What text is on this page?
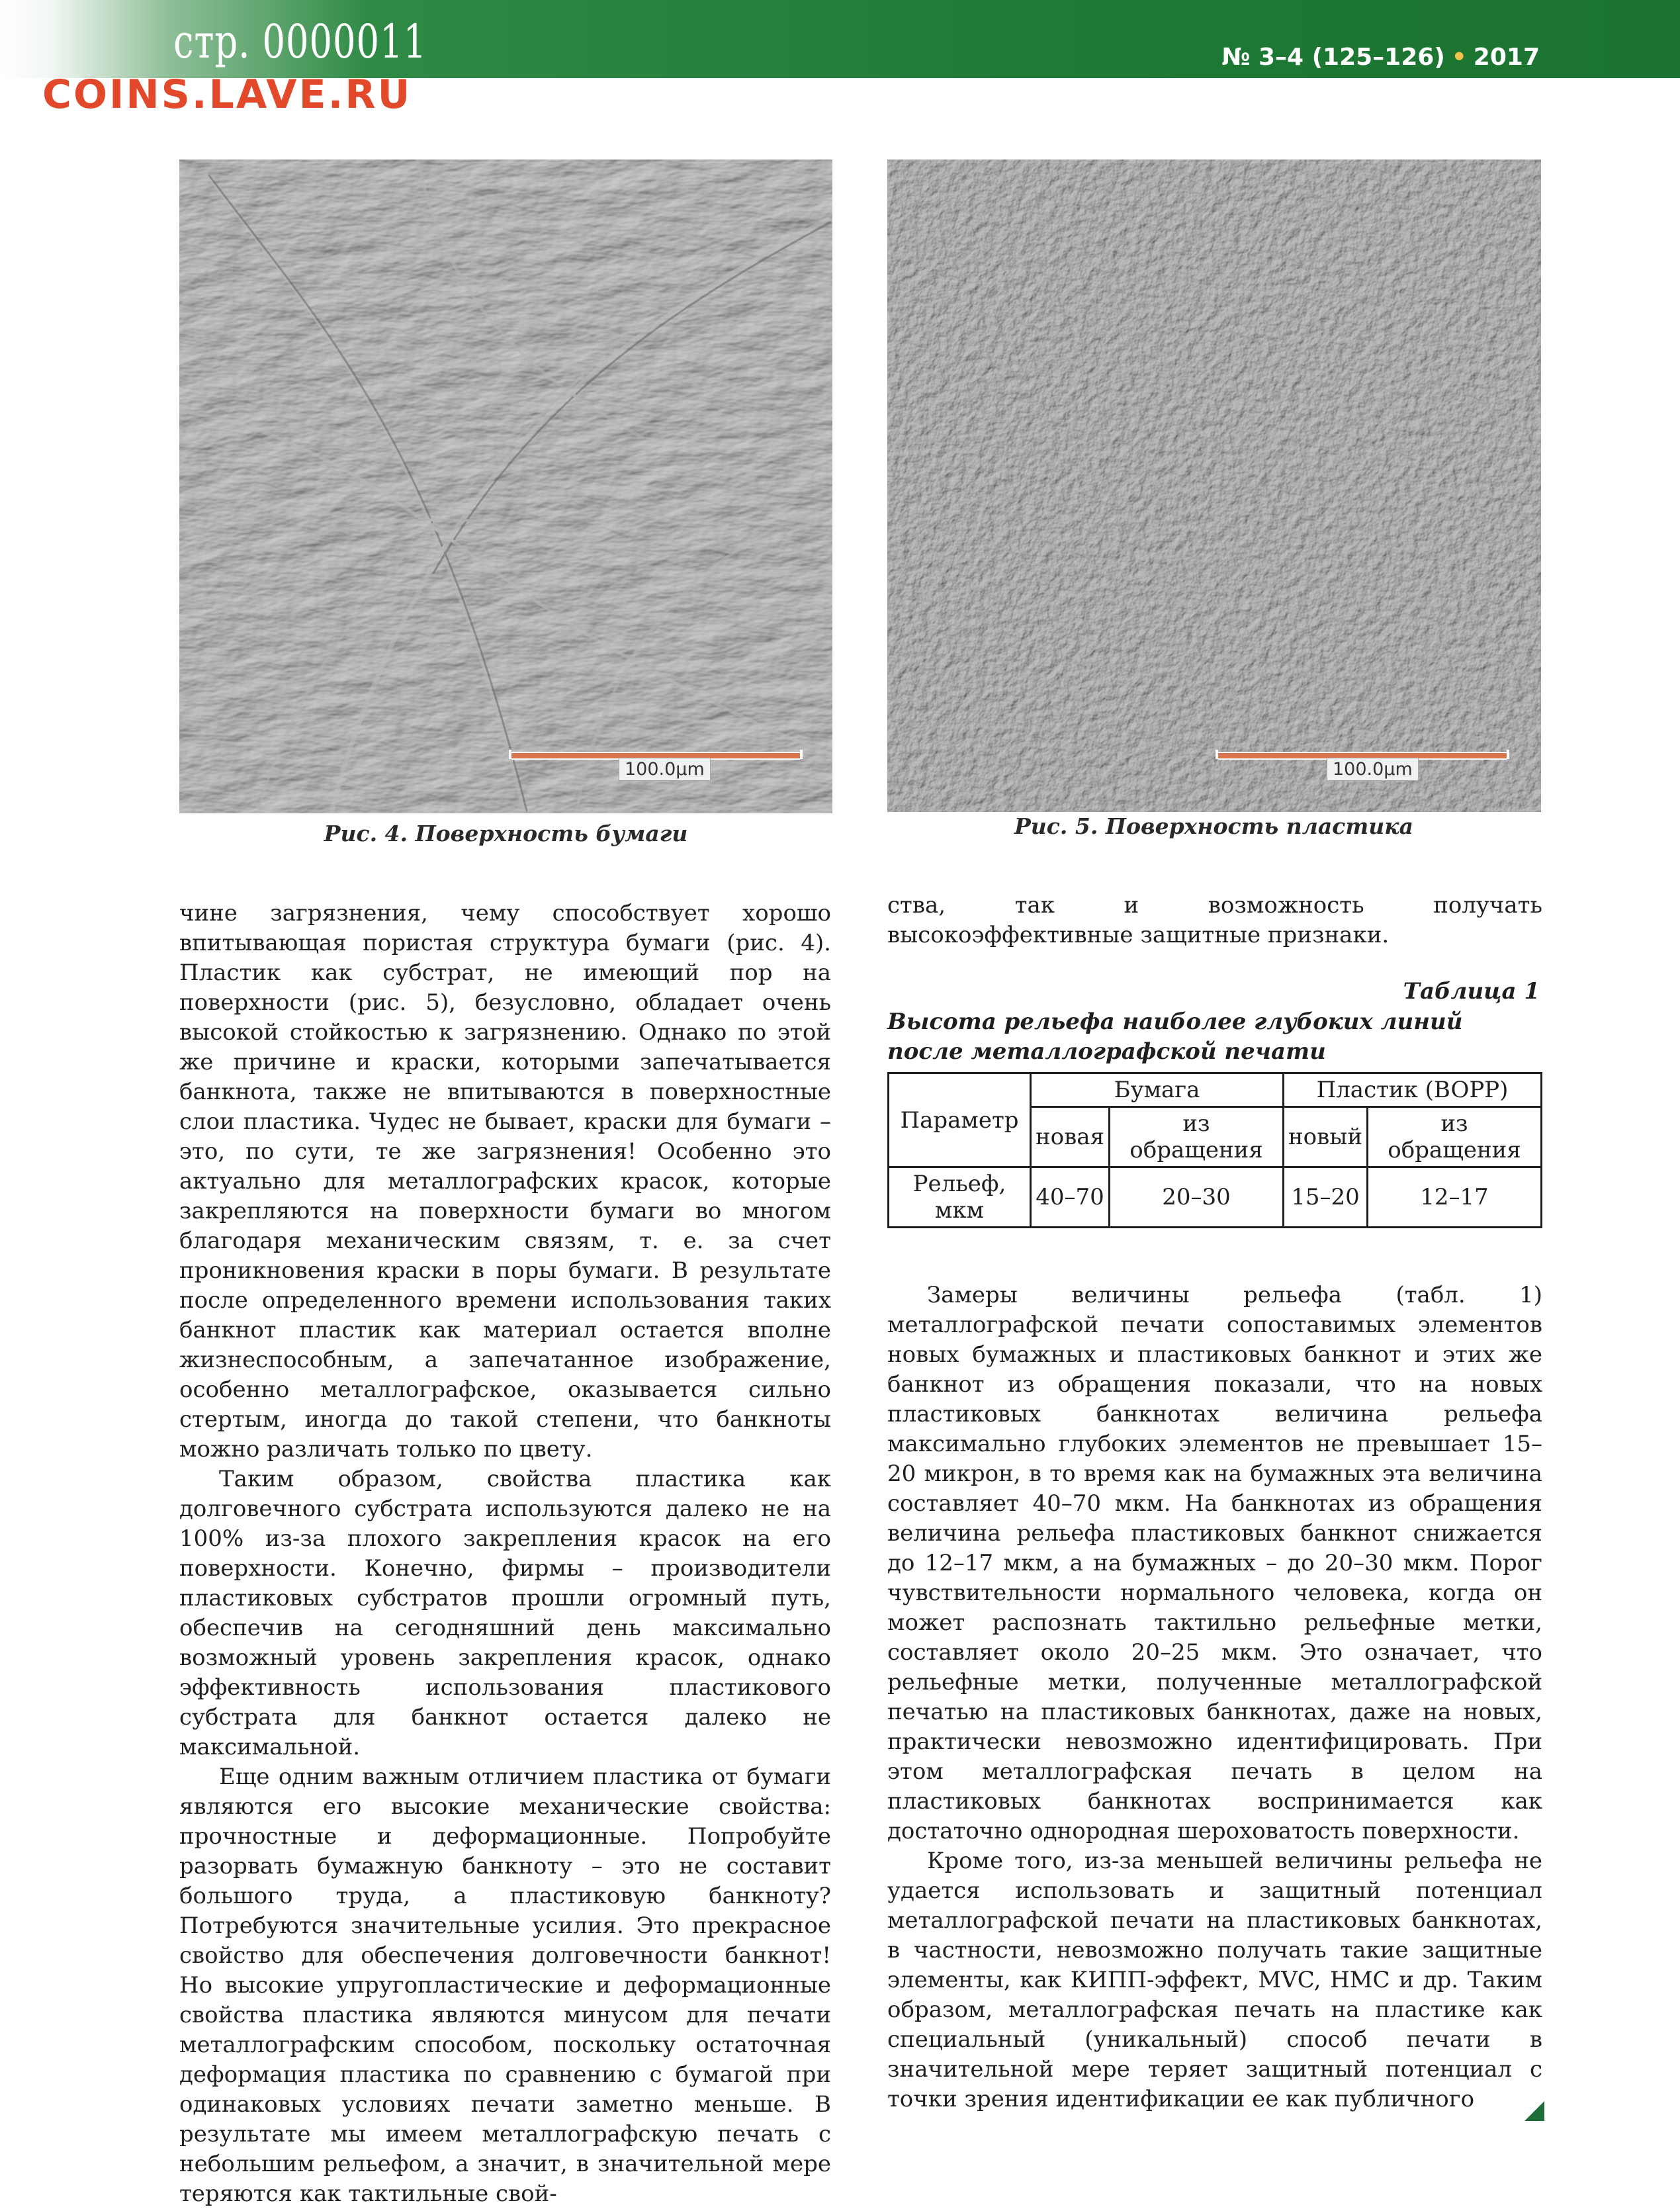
стр. 0000011
COINS.LAVE.RU
№ 3–4 (125–126) • 2017
100.0μm
Рис. 4. Поверхность бумаги
100.0μm
Рис. 5. Поверхность пластика

чине загрязнения, чему способствует хорошо впитывающая пористая структура бумаги (рис. 4). Пластик как субстрат, не имеющий пор на поверхности (рис. 5), безусловно, обладает очень высокой стойкостью к загрязнению. Однако по этой же причине и краски, которыми запечатывается банкнота, также не впитываются в поверхностные слои пластика. Чудес не бывает, краски для бумаги – это, по сути, те же загрязнения! Особенно это актуально для металлографских красок, которые закрепляются на поверхности бумаги во многом благодаря механическим связям, т. е. за счет проникновения краски в поры бумаги. В результате после определенного времени использования таких банкнот пластик как материал остается вполне жизнеспособным, а запечатанное изображение, особенно металлографское, оказывается сильно стертым, иногда до такой степени, что банкноты можно различать только по цвету.

Таким образом, свойства пластика как долговечного субстрата используются далеко не на 100% из-за плохого закрепления красок на его поверхности. Конечно, фирмы – производители пластиковых субстратов прошли огромный путь, обеспечив на сегодняшний день максимально возможный уровень закрепления красок, однако эффективность использования пластикового субстрата для банкнот остается далеко не максимальной.

Еще одним важным отличием пластика от бумаги являются его высокие механические свойства: прочностные и деформационные. Попробуйте разорвать бумажную банкноту – это не составит большого труда, а пластиковую банкноту? Потребуются значительные усилия. Это прекрасное свойство для обеспечения долговечности банкнот! Но высокие упругопластические и деформационные свойства пластика являются минусом для печати металлографским способом, поскольку остаточная деформация пластика по сравнению с бумагой при одинаковых условиях печати заметно меньше. В результате мы имеем металлографскую печать с небольшим рельефом, а значит, в значительной мере теряются как тактильные свой-

ства, так и возможность получать высокоэффективные защитные признаки.

Таблица 1
Высота рельефа наиболее глубоких линий после металлографской печати
Параметр	Бумага		Пластик (BOPP)	
	новая	из обращения	новый	из обращения
Рельеф, мкм	40–70	20–30	15–20	12–17

Замеры величины рельефа (табл. 1) металлографской печати сопоставимых элементов новых бумажных и пластиковых банкнот и этих же банкнот из обращения показали, что на новых пластиковых банкнотах величина рельефа максимально глубоких элементов не превышает 15–20 микрон, в то время как на бумажных эта величина составляет 40–70 мкм. На банкнотах из обращения величина рельефа пластиковых банкнот снижается до 12–17 мкм, а на бумажных – до 20–30 мкм. Порог чувствительности нормального человека, когда он может распознать тактильно рельефные метки, составляет около 20–25 мкм. Это означает, что рельефные метки, полученные металлографской печатью на пластиковых банкнотах, даже на новых, практически невозможно идентифицировать. При этом металлографская печать в целом на пластиковых банкнотах воспринимается как достаточно однородная шероховатость поверхности.

Кроме того, из-за меньшей величины рельефа не удается использовать и защитный потенциал металлографской печати на пластиковых банкнотах, в частности, невозможно получать такие защитные элементы, как КИПП-эффект, MVC, НМС и др. Таким образом, металлографская печать на пластике как специальный (уникальный) способ печати в значительной мере теряет защитный потенциал с точки зрения идентификации ее как публичного
